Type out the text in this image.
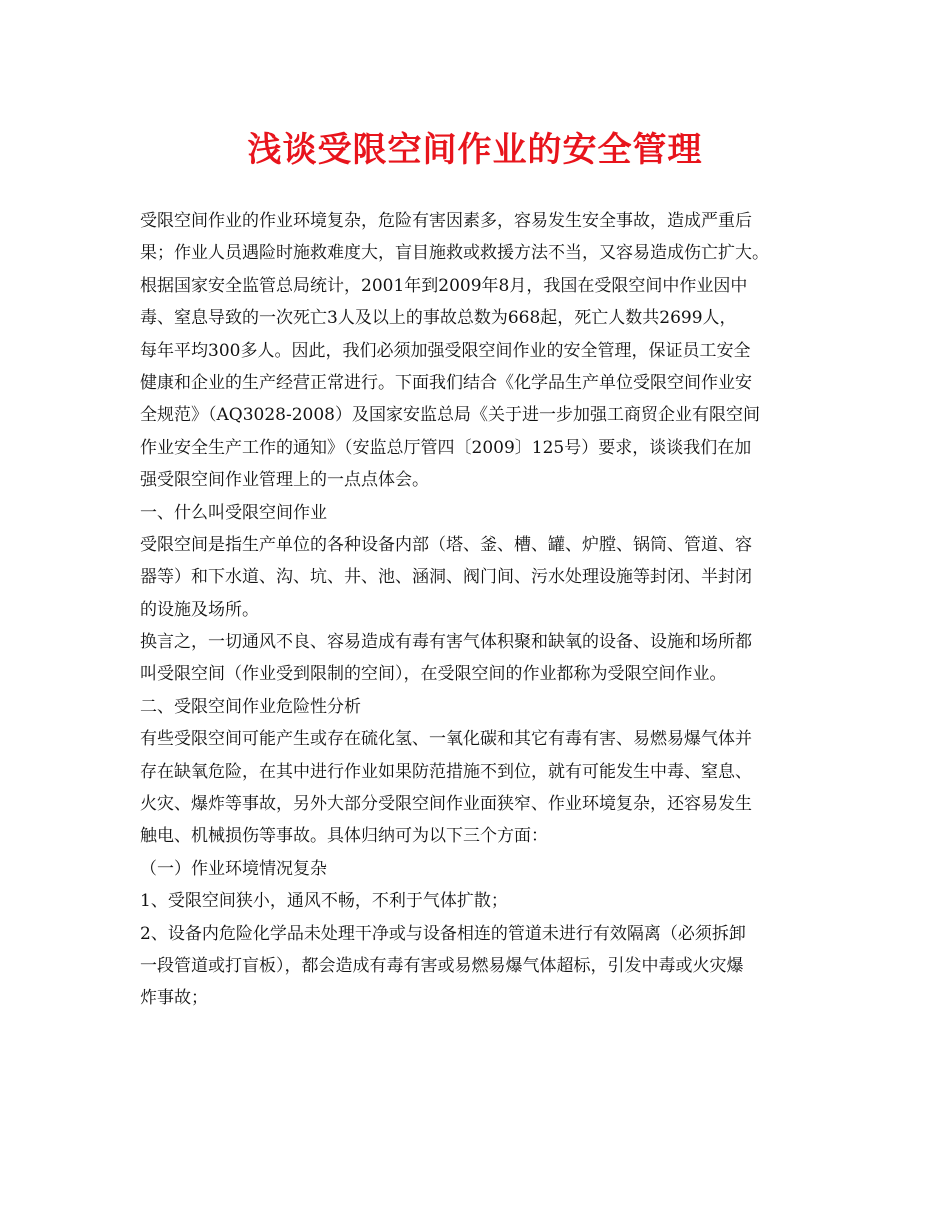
浅谈受限空间作业的安全管理
受限空间作业的作业环境复杂，危险有害因素多，容易发生安全事故，造成严重后
果；作业人员遇险时施救难度大，盲目施救或救援方法不当，又容易造成伤亡扩大。
根据国家安全监管总局统计，2001年到2009年8月，我国在受限空间中作业因中
毒、窒息导致的一次死亡3人及以上的事故总数为668起，死亡人数共2699人，
每年平均300多人。因此，我们必须加强受限空间作业的安全管理，保证员工安全
健康和企业的生产经营正常进行。下面我们结合《化学品生产单位受限空间作业安
全规范》（AQ3028-2008）及国家安监总局《关于进一步加强工商贸企业有限空间
作业安全生产工作的通知》（安监总厅管四〔2009〕125号）要求，谈谈我们在加
强受限空间作业管理上的一点点体会。
一、什么叫受限空间作业
受限空间是指生产单位的各种设备内部（塔、釜、槽、罐、炉膛、锅筒、管道、容
器等）和下水道、沟、坑、井、池、涵洞、阀门间、污水处理设施等封闭、半封闭
的设施及场所。
换言之，一切通风不良、容易造成有毒有害气体积聚和缺氧的设备、设施和场所都
叫受限空间（作业受到限制的空间），在受限空间的作业都称为受限空间作业。
二、受限空间作业危险性分析
有些受限空间可能产生或存在硫化氢、一氧化碳和其它有毒有害、易燃易爆气体并
存在缺氧危险，在其中进行作业如果防范措施不到位，就有可能发生中毒、窒息、
火灾、爆炸等事故，另外大部分受限空间作业面狭窄、作业环境复杂，还容易发生
触电、机械损伤等事故。具体归纳可为以下三个方面：
（一）作业环境情况复杂
1、受限空间狭小，通风不畅，不利于气体扩散；
2、设备内危险化学品未处理干净或与设备相连的管道未进行有效隔离（必须拆卸
一段管道或打盲板），都会造成有毒有害或易燃易爆气体超标，引发中毒或火灾爆
炸事故；
